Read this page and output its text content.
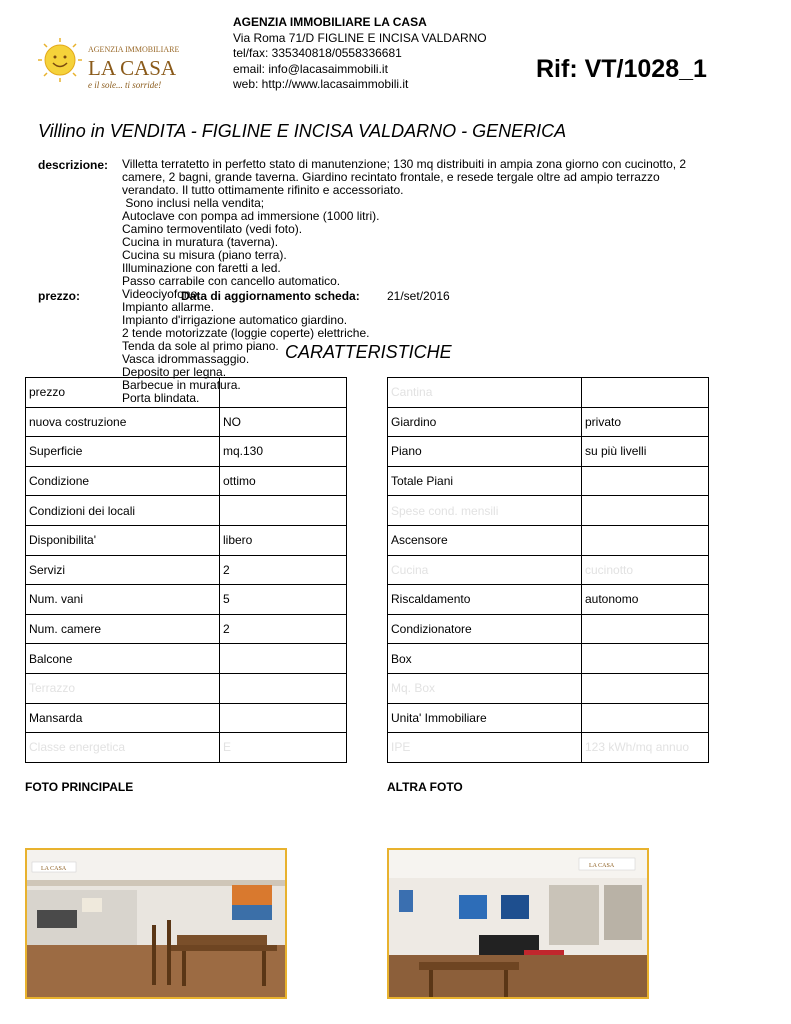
AGENZIA IMMOBILIARE
LA CASA
e il sole... ti sorride!
AGENZIA IMMOBILIARE LA CASA
Via Roma 71/D FIGLINE E INCISA VALDARNO
tel/fax: 335340818/0558336681
email: info@lacasaimmobili.it
web: http://www.lacasaimmobili.it
Rif: VT/1028_1
Villino in VENDITA - FIGLINE E INCISA VALDARNO - GENERICA
descrizione: Villetta terratetto in perfetto stato di manutenzione; 130 mq distribuiti in ampia zona giorno con cucinotto, 2
camere, 2 bagni, grande taverna. Giardino recintato frontale, e resede tergale oltre ad ampio terrazzo
verandato. Il tutto ottimamente rifinito e accessoriato.
Sono inclusi nella vendita;
Autoclave con pompa ad immersione (1000 litri).
Camino termoventilato (vedi foto).
Cucina in muratura (taverna).
Cucina su misura (piano terra).
Illuminazione con faretti a led.
Passo carrabile con cancello automatico.
Videociyofono.
Impianto allarme.
Impianto d'irrigazione automatico giardino.
2 tende motorizzate (loggie coperte) elettriche.
Tenda da sole al primo piano.
Vasca idrommassaggio.
Deposito per legna.
Barbecue in muratura.
Porta blindata.
prezzo:	Data di aggiornamento scheda: 21/set/2016
CARATTERISTICHE
prezzo	
nuova costruzione	NO
Superficie	mq.130
Condizione	ottimo
Condizioni dei locali	
Disponibilita'	libero
Servizi	2
Num. vani	5
Num. camere	2
Balcone	
Terrazzo	
Mansarda	
Classe energetica	E
Cantina	
Giardino	privato
Piano	su più livelli
Totale Piani	
Spese cond. mensili	
Ascensore	
Cucina	cucinotto
Riscaldamento	autonomo
Condizionatore	
Box	
Mq. Box	
Unita' Immobiliare	
IPE	123 kWh/mq annuo
FOTO PRINCIPALE	ALTRA FOTO
LA CASA	LA CASA
